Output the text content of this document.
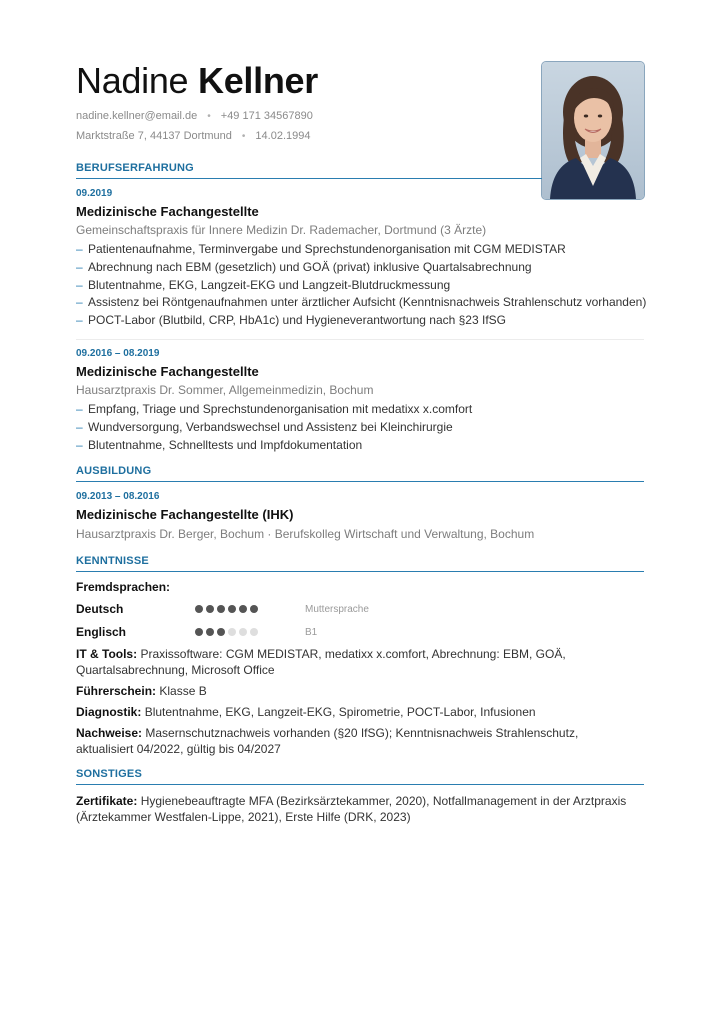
Nadine Kellner
nadine.kellner@email.de • +49 171 34567890
Marktstraße 7, 44137 Dortmund • 14.02.1994
BERUFSERFAHRUNG
09.2019
Medizinische Fachangestellte
Gemeinschaftspraxis für Innere Medizin Dr. Rademacher, Dortmund (3 Ärzte)
– Patientenaufnahme, Terminvergabe und Sprechstundenorganisation mit CGM MEDISTAR
– Abrechnung nach EBM (gesetzlich) und GOÄ (privat) inklusive Quartalsabrechnung
– Blutentnahme, EKG, Langzeit-EKG und Langzeit-Blutdruckmessung
– Assistenz bei Röntgenaufnahmen unter ärztlicher Aufsicht (Kenntnisnachweis Strahlenschutz vorhanden)
– POCT-Labor (Blutbild, CRP, HbA1c) und Hygieneverantwortung nach §23 IfSG
09.2016 – 08.2019
Medizinische Fachangestellte
Hausarztpraxis Dr. Sommer, Allgemeinmedizin, Bochum
– Empfang, Triage und Sprechstundenorganisation mit medatixx x.comfort
– Wundversorgung, Verbandswechsel und Assistenz bei Kleinchirurgie
– Blutentnahme, Schnelltests und Impfdokumentation
AUSBILDUNG
09.2013 – 08.2016
Medizinische Fachangestellte (IHK)
Hausarztpraxis Dr. Berger, Bochum · Berufskolleg Wirtschaft und Verwaltung, Bochum
KENNTNISSE
Fremdsprachen:
Deutsch	Muttersprache
Englisch	B1
IT & Tools: Praxissoftware: CGM MEDISTAR, medatixx x.comfort, Abrechnung: EBM, GOÄ, Quartalsabrechnung, Microsoft Office
Führerschein: Klasse B
Diagnostik: Blutentnahme, EKG, Langzeit-EKG, Spirometrie, POCT-Labor, Infusionen
Nachweise: Masernschutznachweis vorhanden (§20 IfSG); Kenntnisnachweis Strahlenschutz, aktualisiert 04/2022, gültig bis 04/2027
SONSTIGES
Zertifikate: Hygienebeauftragte MFA (Bezirksärztekammer, 2020), Notfallmanagement in der Arztpraxis (Ärztekammer Westfalen-Lippe, 2021), Erste Hilfe (DRK, 2023)
